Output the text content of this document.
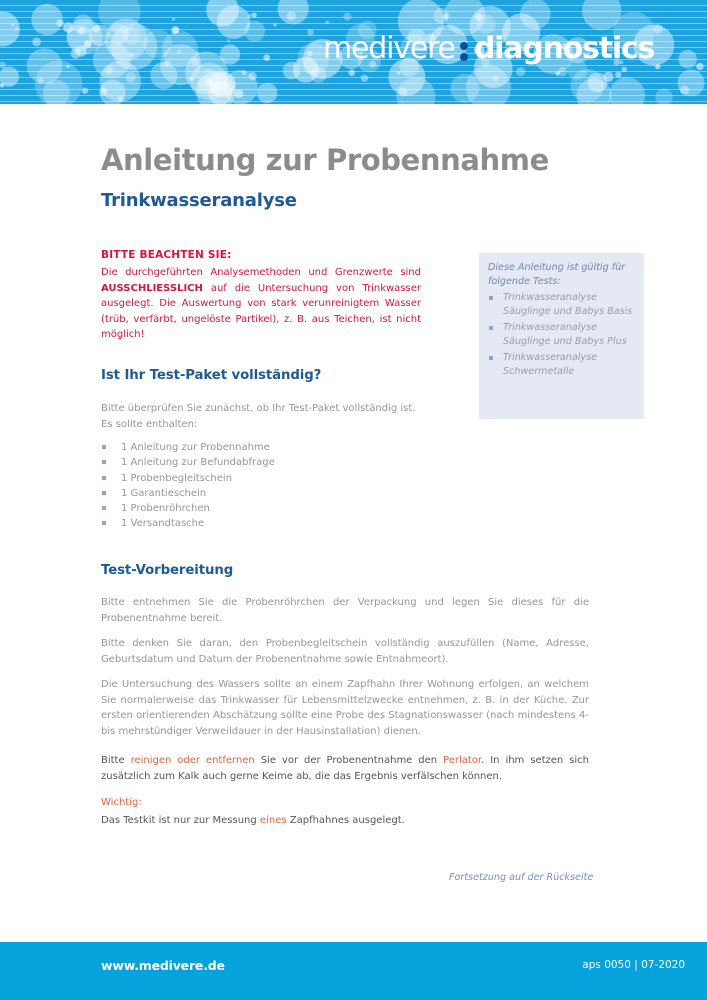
medivere diagnostics
Anleitung zur Probennahme
Trinkwasseranalyse
BITTE BEACHTEN SIE:

Die durchgeführten Analysemethoden und Grenzwerte sind AUSSCHLIESSLICH auf die Untersuchung von Trinkwasser ausgelegt. Die Auswertung von stark verunreinigtem Wasser (trüb, verfärbt, ungelöste Partikel), z. B. aus Teichen, ist nicht möglich!

Diese Anleitung ist gültig für folgende Tests:
Trinkwasseranalyse Säuglinge und Babys Basis
Trinkwasseranalyse Säuglinge und Babys Plus
Trinkwasseranalyse Schwermetalle
Ist Ihr Test-Paket vollständig?

Bitte überprüfen Sie zunächst, ob Ihr Test-Paket vollständig ist.
Es sollte enthalten:

1 Anleitung zur Probennahme
1 Anleitung zur Befundabfrage
1 Probenbegleitschein
1 Garantieschein
1 Probenröhrchen
1 Versandtasche
Test-Vorbereitung

Bitte entnehmen Sie die Probenröhrchen der Verpackung und legen Sie dieses für die Probenentnahme bereit.

Bitte denken Sie daran, den Probenbegleitschein vollständig auszufüllen (Name, Adresse, Geburtsdatum und Datum der Probenentnahme sowie Entnahmeort).

Die Untersuchung des Wassers sollte an einem Zapfhahn Ihrer Wohnung erfolgen, an welchem Sie normalerweise das Trinkwasser für Lebensmittelzwecke entnehmen, z. B. in der Küche. Zur ersten orientierenden Abschätzung sollte eine Probe des Stagnationswasser (nach mindestens 4- bis mehrstündiger Verweildauer in der Hausinstallation) dienen.

Bitte reinigen oder entfernen Sie vor der Probenentnahme den Perlator. In ihm setzen sich zusätzlich zum Kalk auch gerne Keime ab, die das Ergebnis verfälschen können.

Wichtig:

Das Testkit ist nur zur Messung eines Zapfhahnes ausgelegt.

Fortsetzung auf der Rückseite
www.medivere.de	aps 0050 | 07-2020
